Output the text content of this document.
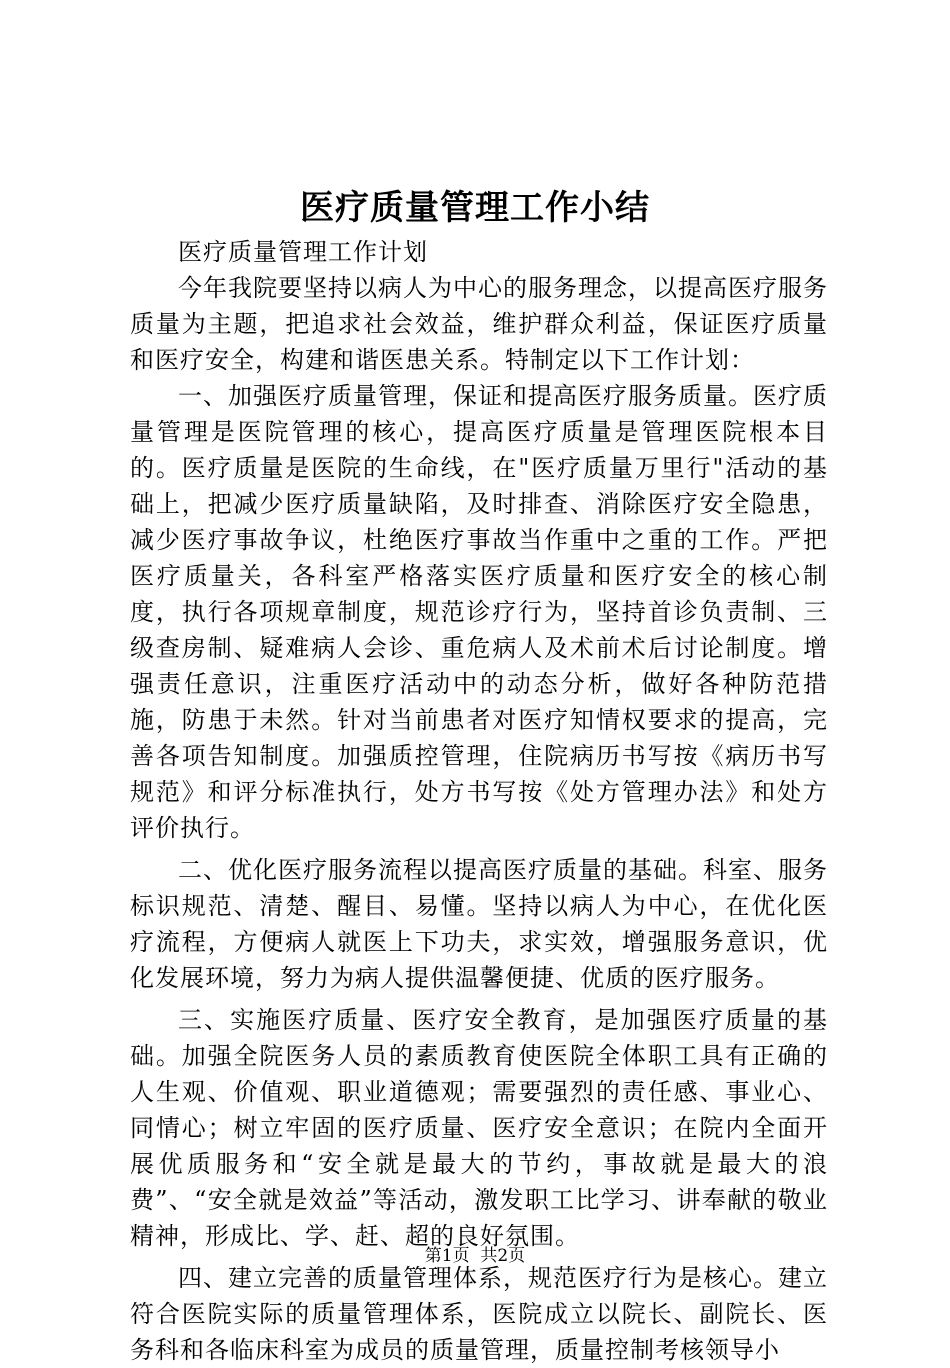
医疗质量管理工作小结

医疗质量管理工作计划

今年我院要坚持以病人为中心的服务理念，以提高医疗服务质量为主题，把追求社会效益，维护群众利益，保证医疗质量和医疗安全，构建和谐医患关系。特制定以下工作计划：

一、加强医疗质量管理，保证和提高医疗服务质量。医疗质量管理是医院管理的核心，提高医疗质量是管理医院根本目的。医疗质量是医院的生命线，在"医疗质量万里行"活动的基础上，把减少医疗质量缺陷，及时排查、消除医疗安全隐患，减少医疗事故争议，杜绝医疗事故当作重中之重的工作。严把医疗质量关，各科室严格落实医疗质量和医疗安全的核心制度，执行各项规章制度，规范诊疗行为，坚持首诊负责制、三级查房制、疑难病人会诊、重危病人及术前术后讨论制度。增强责任意识，注重医疗活动中的动态分析，做好各种防范措施，防患于未然。针对当前患者对医疗知情权要求的提高，完善各项告知制度。加强质控管理，住院病历书写按《病历书写规范》和评分标准执行，处方书写按《处方管理办法》和处方评价执行。

二、优化医疗服务流程以提高医疗质量的基础。科室、服务标识规范、清楚、醒目、易懂。坚持以病人为中心，在优化医疗流程，方便病人就医上下功夫，求实效，增强服务意识，优化发展环境，努力为病人提供温馨便捷、优质的医疗服务。

三、实施医疗质量、医疗安全教育，是加强医疗质量的基础。加强全院医务人员的素质教育使医院全体职工具有正确的人生观、价值观、职业道德观；需要强烈的责任感、事业心、同情心；树立牢固的医疗质量、医疗安全意识；在院内全面开展优质服务和“安全就是最大的节约，事故就是最大的浪费”、“安全就是效益”等活动，激发职工比学习、讲奉献的敬业精神，形成比、学、赶、超的良好氛围。

四、建立完善的质量管理体系，规范医疗行为是核心。建立符合医院实际的质量管理体系，医院成立以院长、副院长、医务科和各临床科室为成员的质量管理，质量控制考核领导小

第1页  共2页
